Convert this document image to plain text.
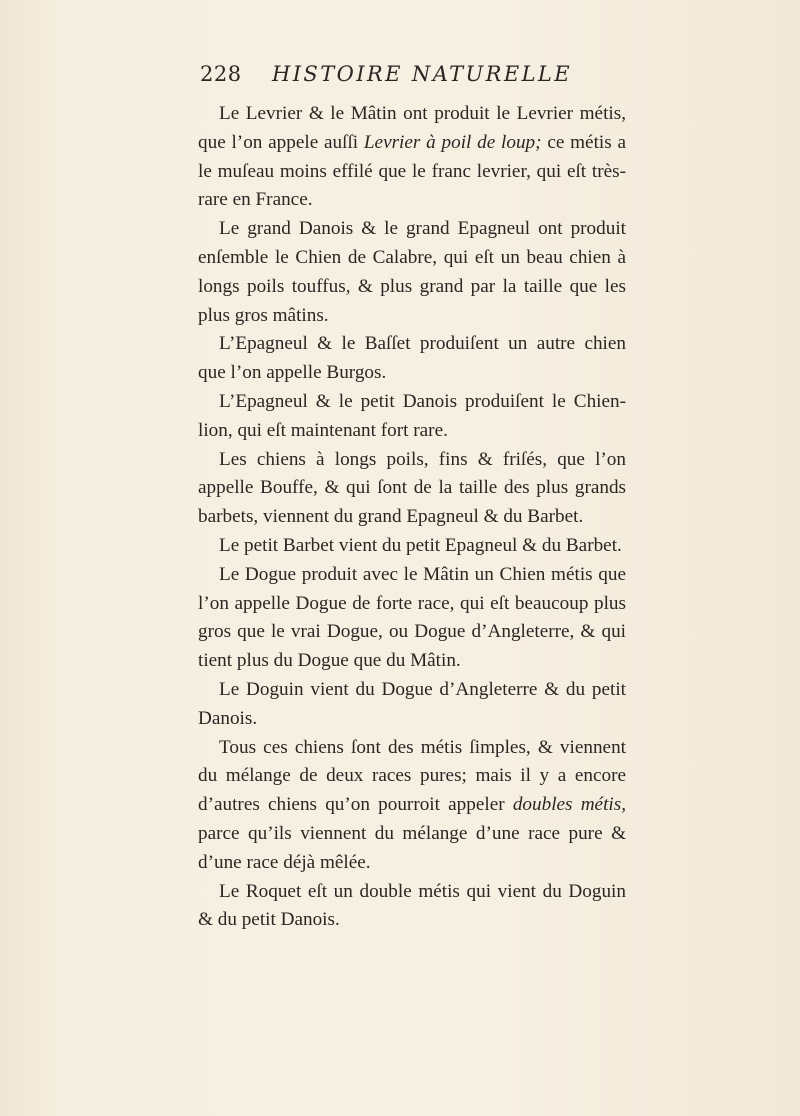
228 HISTOIRE NATURELLE

Le Levrier & le Mâtin ont produit le Levrier métis, que l’on appele auſſi Levrier à poil de loup; ce métis a le muſeau moins effilé que le franc levrier, qui eſt très-rare en France.

Le grand Danois & le grand Epagneul ont produit enſemble le Chien de Calabre, qui eſt un beau chien à longs poils touffus, & plus grand par la taille que les plus gros mâtins.

L’Epagneul & le Baſſet produiſent un autre chien que l’on appelle Burgos.

L’Epagneul & le petit Danois produiſent le Chien-lion, qui eſt maintenant fort rare.

Les chiens à longs poils, fins & friſés, que l’on appelle Bouffe, & qui ſont de la taille des plus grands barbets, viennent du grand Epagneul & du Barbet.

Le petit Barbet vient du petit Epagneul & du Barbet.

Le Dogue produit avec le Mâtin un Chien métis que l’on appelle Dogue de forte race, qui eſt beaucoup plus gros que le vrai Dogue, ou Dogue d’Angleterre, & qui tient plus du Dogue que du Mâtin.

Le Doguin vient du Dogue d’Angleterre & du petit Danois.

Tous ces chiens ſont des métis ſimples, & viennent du mélange de deux races pures; mais il y a encore d’autres chiens qu’on pourroit appeler doubles métis, parce qu’ils viennent du mélange d’une race pure & d’une race déjà mêlée.

Le Roquet eſt un double métis qui vient du Doguin & du petit Danois.
